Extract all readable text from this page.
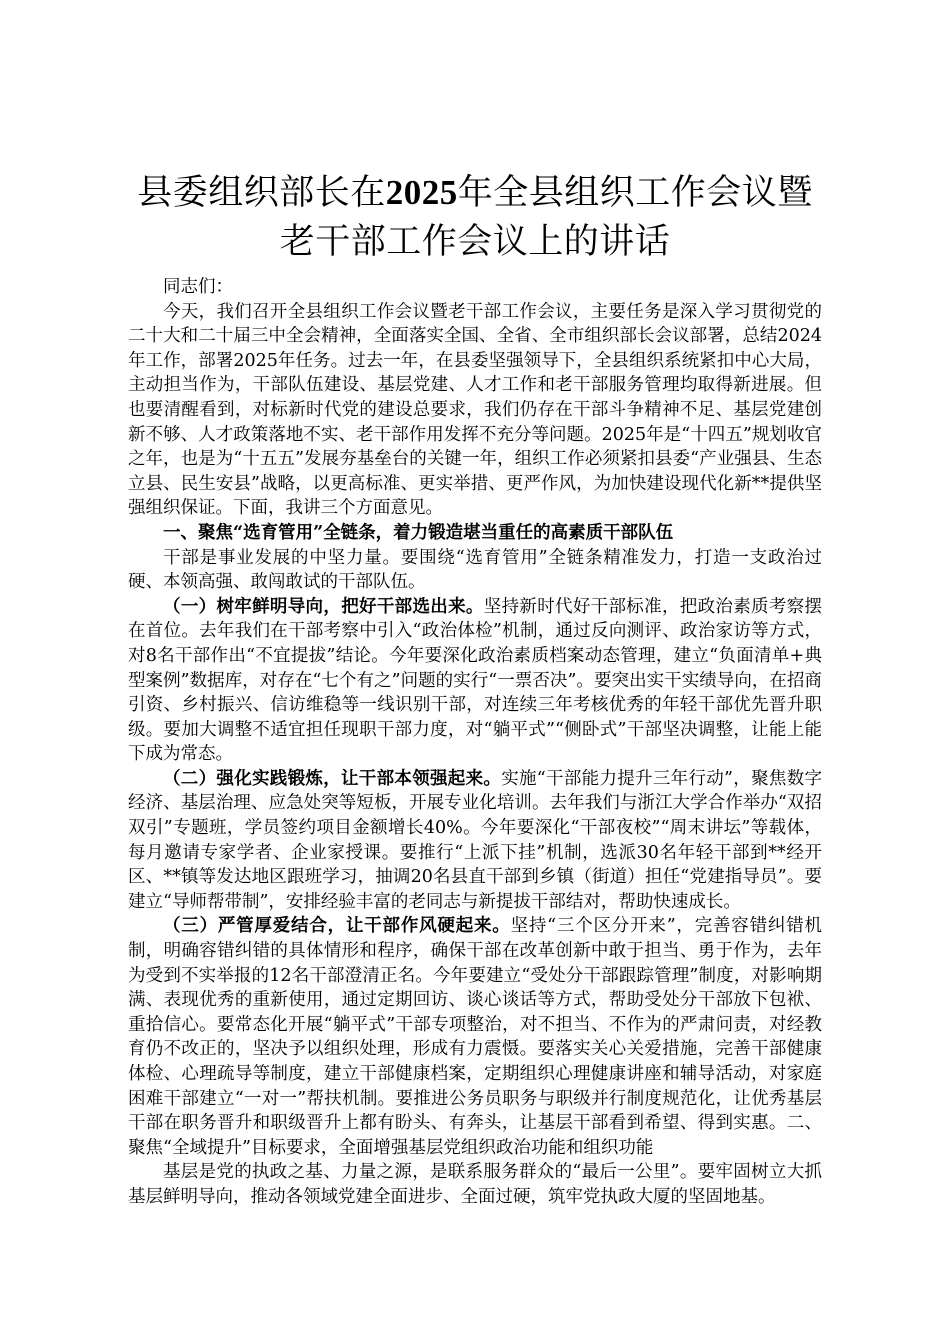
县委组织部长在2025年全县组织工作会议暨
老干部工作会议上的讲话

同志们：

今天，我们召开全县组织工作会议暨老干部工作会议，主要任务是深入学习贯彻党的二十大和二十届三中全会精神，全面落实全国、全省、全市组织部长会议部署，总结2024年工作，部署2025年任务。过去一年，在县委坚强领导下，全县组织系统紧扣中心大局，主动担当作为，干部队伍建设、基层党建、人才工作和老干部服务管理均取得新进展。但也要清醒看到，对标新时代党的建设总要求，我们仍存在干部斗争精神不足、基层党建创新不够、人才政策落地不实、老干部作用发挥不充分等问题。2025年是“十四五”规划收官之年，也是为“十五五”发展夯基垒台的关键一年，组织工作必须紧扣县委“产业强县、生态立县、民生安县”战略，以更高标准、更实举措、更严作风，为加快建设现代化新**提供坚强组织保证。下面，我讲三个方面意见。

一、聚焦“选育管用”全链条，着力锻造堪当重任的高素质干部队伍

干部是事业发展的中坚力量。要围绕“选育管用”全链条精准发力，打造一支政治过硬、本领高强、敢闯敢试的干部队伍。

（一）树牢鲜明导向，把好干部选出来。坚持新时代好干部标准，把政治素质考察摆在首位。去年我们在干部考察中引入“政治体检”机制，通过反向测评、政治家访等方式，对8名干部作出“不宜提拔”结论。今年要深化政治素质档案动态管理，建立“负面清单+典型案例”数据库，对存在“七个有之”问题的实行“一票否决”。要突出实干实绩导向，在招商引资、乡村振兴、信访维稳等一线识别干部，对连续三年考核优秀的年轻干部优先晋升职级。要加大调整不适宜担任现职干部力度，对“躺平式”“侧卧式”干部坚决调整，让能上能下成为常态。

（二）强化实践锻炼，让干部本领强起来。实施“干部能力提升三年行动”，聚焦数字经济、基层治理、应急处突等短板，开展专业化培训。去年我们与浙江大学合作举办“双招双引”专题班，学员签约项目金额增长40%。今年要深化“干部夜校”“周末讲坛”等载体，每月邀请专家学者、企业家授课。要推行“上派下挂”机制，选派30名年轻干部到**经开区、**镇等发达地区跟班学习，抽调20名县直干部到乡镇（街道）担任“党建指导员”。要建立“导师帮带制”，安排经验丰富的老同志与新提拔干部结对，帮助快速成长。

（三）严管厚爱结合，让干部作风硬起来。坚持“三个区分开来”，完善容错纠错机制，明确容错纠错的具体情形和程序，确保干部在改革创新中敢于担当、勇于作为，去年为受到不实举报的12名干部澄清正名。今年要建立“受处分干部跟踪管理”制度，对影响期满、表现优秀的重新使用，通过定期回访、谈心谈话等方式，帮助受处分干部放下包袱、重拾信心。要常态化开展“躺平式”干部专项整治，对不担当、不作为的严肃问责，对经教育仍不改正的，坚决予以组织处理，形成有力震慑。要落实关心关爱措施，完善干部健康体检、心理疏导等制度，建立干部健康档案，定期组织心理健康讲座和辅导活动，对家庭困难干部建立“一对一”帮扶机制。要推进公务员职务与职级并行制度规范化，让优秀基层干部在职务晋升和职级晋升上都有盼头、有奔头，让基层干部看到希望、得到实惠。二、聚焦“全域提升”目标要求，全面增强基层党组织政治功能和组织功能

基层是党的执政之基、力量之源，是联系服务群众的“最后一公里”。要牢固树立大抓基层鲜明导向，推动各领域党建全面进步、全面过硬，筑牢党执政大厦的坚固地基。
